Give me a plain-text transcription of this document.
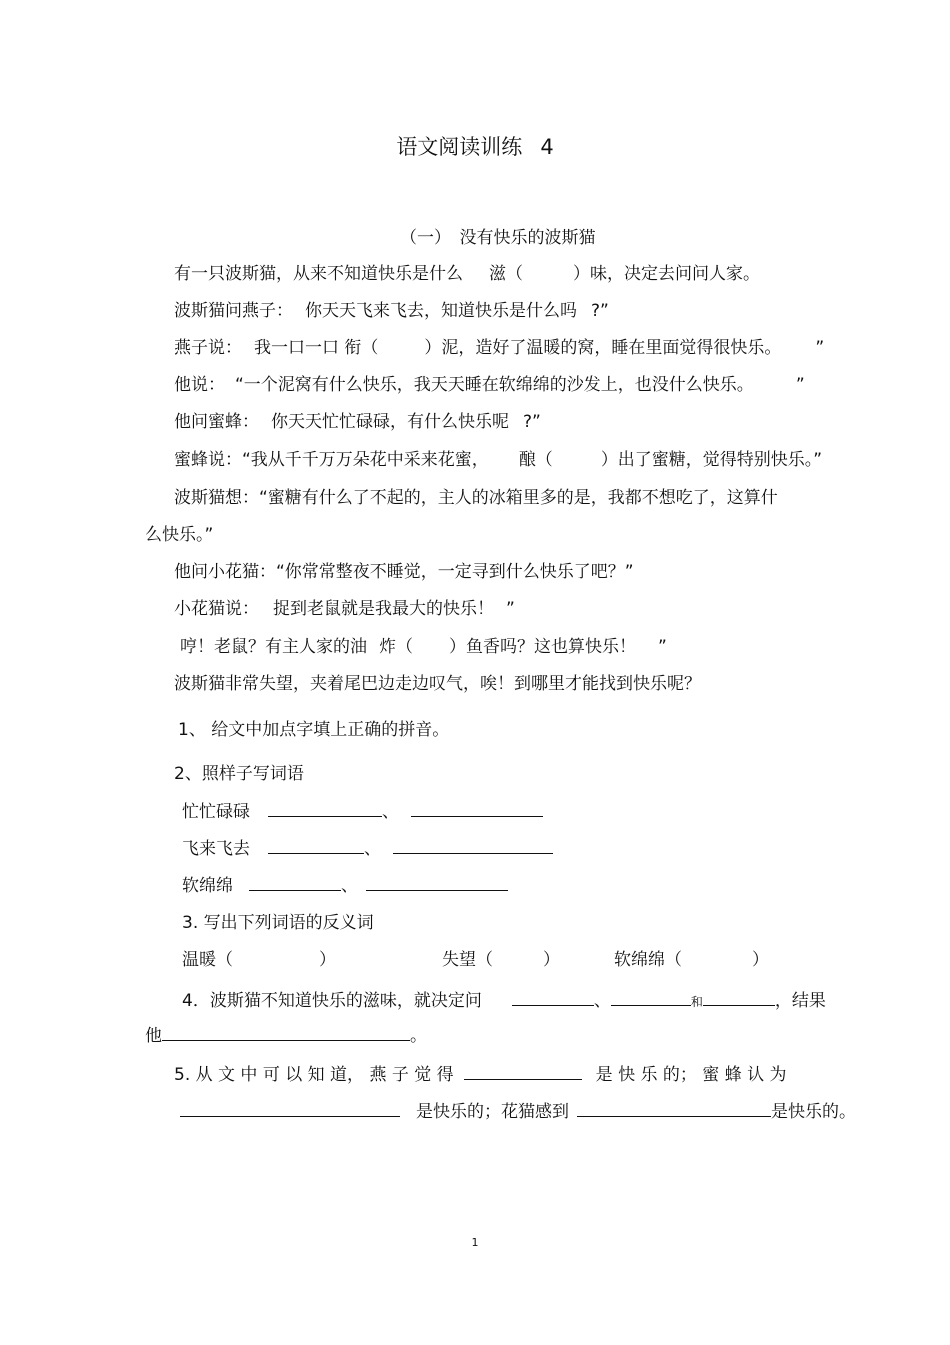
语文阅读训练 4
（一）　没有快乐的波斯猫
有一只波斯猫，从来不知道快乐是什么 滋（	）味，决定去问问人家。
波斯猫问燕子： 你天天飞来飞去，知道快乐是什么吗 ?”
燕子说： 我一口一口 衔（	）泥，造好了温暖的窝，睡在里面觉得很快乐。 ”
他说： “一个泥窝有什么快乐，我天天睡在软绵绵的沙发上，也没什么快乐。 ”
他问蜜蜂： 你天天忙忙碌碌，有什么快乐呢 ?”
蜜蜂说：“我从千千万万朵花中采来花蜜， 酿（	）出了蜜糖，觉得特别快乐。”
波斯猫想：“蜜糖有什么了不起的，主人的冰箱里多的是，我都不想吃了，这算什
么快乐。”
他问小花猫：“你常常整夜不睡觉，一定寻到什么快乐了吧？”
小花猫说： 捉到老鼠就是我最大的快乐！ ”
哼！老鼠？有主人家的油 炸（ ）鱼香吗？这也算快乐！ ”
波斯猫非常失望，夹着尾巴边走边叹气，唉！到哪里才能找到快乐呢？
1、 给文中加点字填上正确的拼音。
2、照样子写词语
忙忙碌碌	、
飞来飞去	、
软绵绵	、
3. 写出下列词语的反义词
温暖（	）	失望（	）	软绵绵（	）
4．波斯猫不知道快乐的滋味，就决定问	、	和	，结果
他	。
5. 从 文 中 可 以 知 道， 燕 子 觉 得	是 快 乐 的； 蜜 蜂 认 为
是快乐的；花猫感到	是快乐的。
1
